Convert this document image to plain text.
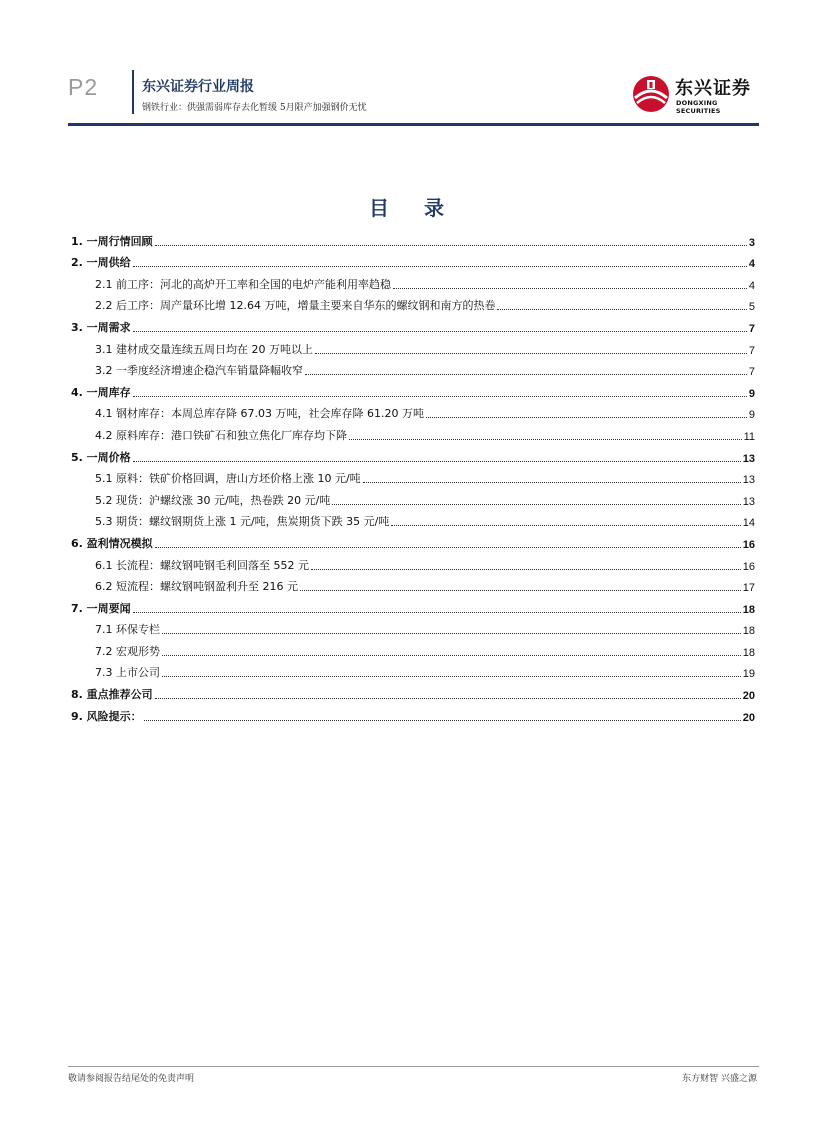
P2	东兴证券行业周报
钢铁行业：供强需弱库存去化暂缓 5月限产加强钢价无忧
东兴证券
DONGXING SECURITIES
目 录
1. 一周行情回顾	3
2. 一周供给	4
2.1 前工序：河北的高炉开工率和全国的电炉产能利用率趋稳	4
2.2 后工序：周产量环比增 12.64 万吨，增量主要来自华东的螺纹钢和南方的热卷	5
3. 一周需求	7
3.1 建材成交量连续五周日均在 20 万吨以上	7
3.2 一季度经济增速企稳汽车销量降幅收窄	7
4. 一周库存	9
4.1 钢材库存：本周总库存降 67.03 万吨，社会库存降 61.20 万吨	9
4.2 原料库存：港口铁矿石和独立焦化厂库存均下降	11
5. 一周价格	13
5.1 原料：铁矿价格回调，唐山方坯价格上涨 10 元/吨	13
5.2 现货：沪螺纹涨 30 元/吨，热卷跌 20 元/吨	13
5.3 期货：螺纹钢期货上涨 1 元/吨，焦炭期货下跌 35 元/吨	14
6. 盈利情况模拟	16
6.1 长流程：螺纹钢吨钢毛利回落至 552 元	16
6.2 短流程：螺纹钢吨钢盈利升至 216 元	17
7. 一周要闻	18
7.1 环保专栏	18
7.2 宏观形势	18
7.3 上市公司	19
8. 重点推荐公司	20
9. 风险提示：	20
敬请参阅报告结尾处的免责声明	东方财智 兴盛之源
